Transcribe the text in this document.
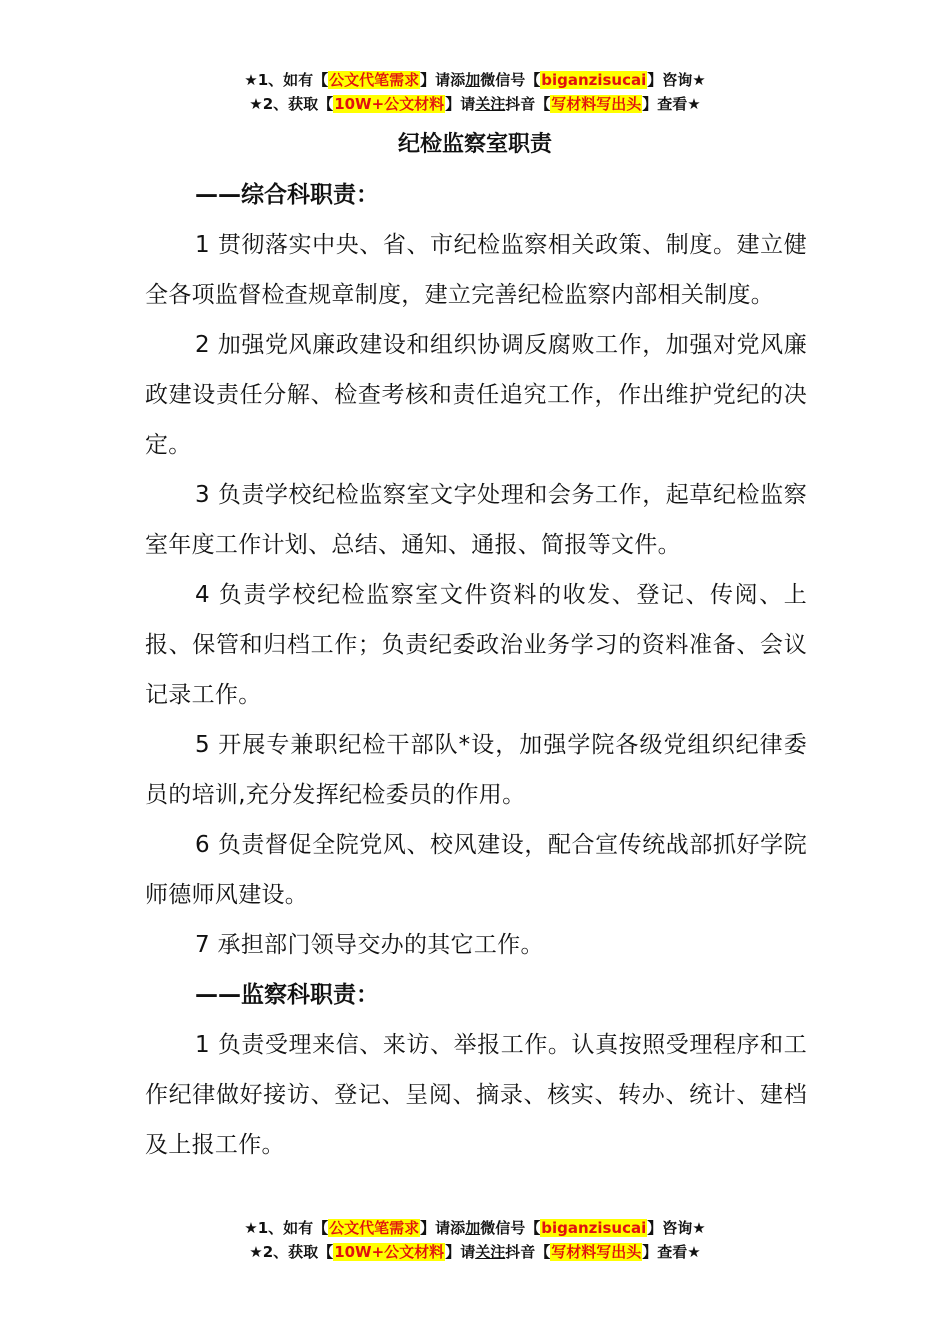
★1、如有【公文代笔需求】请添加微信号【biganzisucai】咨询★
★2、获取【10W+公文材料】请关注抖音【写材料写出头】查看★
纪检监察室职责
——综合科职责：

1 贯彻落实中央、省、市纪检监察相关政策、制度。建立健全各项监督检查规章制度，建立完善纪检监察内部相关制度。

2 加强党风廉政建设和组织协调反腐败工作，加强对党风廉政建设责任分解、检查考核和责任追究工作，作出维护党纪的决定。

3 负责学校纪检监察室文字处理和会务工作，起草纪检监察室年度工作计划、总结、通知、通报、简报等文件。

4 负责学校纪检监察室文件资料的收发、登记、传阅、上报、保管和归档工作；负责纪委政治业务学习的资料准备、会议记录工作。

5 开展专兼职纪检干部队*设，加强学院各级党组织纪律委员的培训,充分发挥纪检委员的作用。

6 负责督促全院党风、校风建设，配合宣传统战部抓好学院师德师风建设。

7 承担部门领导交办的其它工作。

——监察科职责：

1 负责受理来信、来访、举报工作。认真按照受理程序和工作纪律做好接访、登记、呈阅、摘录、核实、转办、统计、建档及上报工作。

★1、如有【公文代笔需求】请添加微信号【biganzisucai】咨询★
★2、获取【10W+公文材料】请关注抖音【写材料写出头】查看★
